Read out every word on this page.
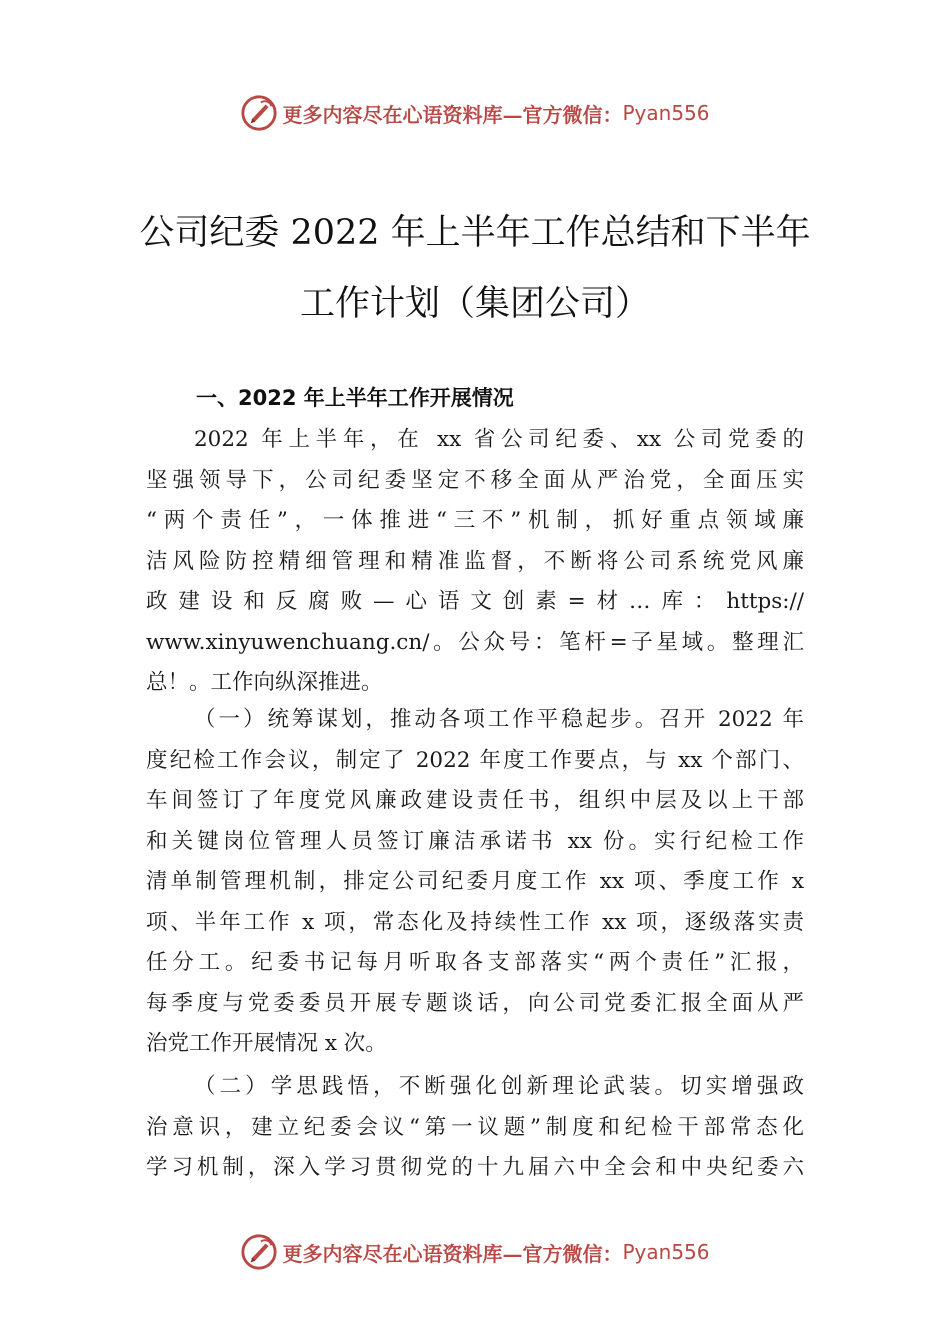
更多内容尽在心语资料库—官方微信： Pyan556
公司纪委 2022 年上半年工作总结和下半年
工作计划（集团公司）
一、2022 年上半年工作开展情况
2022 年上半年，在 xx 省公司纪委、xx 公司党委的
坚强领导下，公司纪委坚定不移全面从严治党，全面压实
“两个责任”，一体推进“三不”机制，抓好重点领域廉
洁风险防控精细管理和精准监督，不断将公司系统党风廉
政建设和反腐败—心语文创素=材…库：https://
www.xinyuwenchuang.cn/。公众号：笔杆=子星域。整理汇
总！。工作向纵深推进。
（一）统筹谋划，推动各项工作平稳起步。召开 2022 年
度纪检工作会议，制定了 2022 年度工作要点，与 xx 个部门、
车间签订了年度党风廉政建设责任书，组织中层及以上干部
和关键岗位管理人员签订廉洁承诺书 xx 份。实行纪检工作
清单制管理机制，排定公司纪委月度工作 xx 项、季度工作 x
项、半年工作 x 项，常态化及持续性工作 xx 项，逐级落实责
任分工。纪委书记每月听取各支部落实“两个责任”汇报，
每季度与党委委员开展专题谈话，向公司党委汇报全面从严
治党工作开展情况 x 次。
（二）学思践悟，不断强化创新理论武装。切实增强政
治意识，建立纪委会议“第一议题”制度和纪检干部常态化
学习机制，深入学习贯彻党的十九届六中全会和中央纪委六
更多内容尽在心语资料库—官方微信： Pyan556
